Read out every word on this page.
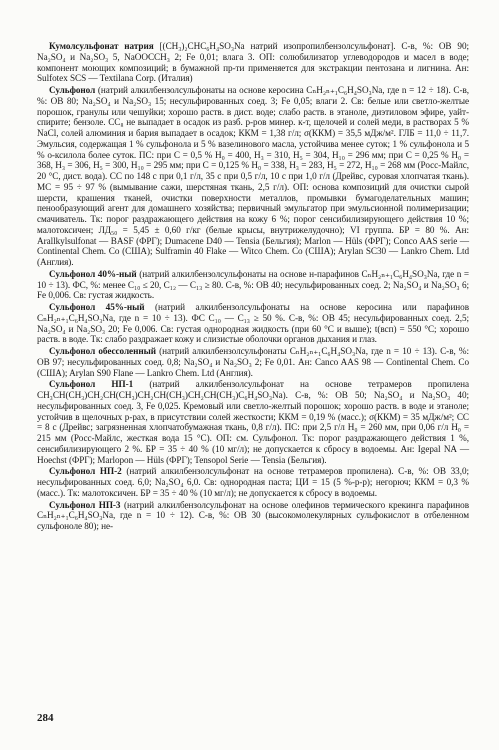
Кумолсульфонат натрия [(CH₃)₂CHC₆H₄SO₃Na натрий изопропилбензолсульфонат]. С-в, %: ОВ 90; Na₂SO₄ и Na₂SO₃ 5, NaOOCCH₃ 2; Fe 0,01; влага 3. ОП: солюбилизатор углеводородов и масел в воде; компонент моющих композиций; в бумажной пр-ти применяется для экстракции пентозана и лигнина. Ан: Sulfotex SCS — Textilana Corp. (Италия)

Сульфонол (натрий алкилбензолсульфонаты на основе керосина CₙH₂ₙ₊₁C₆H₄SO₃Na, где n = 12 ÷ 18). С-в, %: ОВ 80; Na₂SO₄ и Na₂SO₃ 15; несульфированных соед. 3; Fe 0,05; влаги 2. Св: белые или светло-желтые порошок, гранулы или чешуйки; хорошо раств. в дист. воде; слабо раств. в этаноле, диэтиловом эфире, уайт-спирите; бензоле. СС₈ не выпадает в осадок из разб. р-ров минер. к-т, щелочей и солей меди, в растворах 5 % NaCl, солей алюминия и бария выпадает в осадок; ККМ = 1,38 г/л; σ(ККМ) = 35,5 мДж/м². ГЛБ = 11,0 ÷ 11,7. Эмульсия, содержащая 1 % сульфонола и 5 % вазелинового масла, устойчива менее суток; 1 % сульфонола и 5 % о-ксилола более суток. ПС: при C = 0,5 % H₀ = 400, H₃ = 310, H₅ = 304, H₁₀ = 296 мм; при C = 0,25 % H₀ = 368, H₃ = 306, H₅ = 300, H₁₀ = 295 мм; при C = 0,125 % H₀ = 338, H₃ = 283, H₅ = 272, H₁₀ = 268 мм (Росс-Майлс, 20 °C, дист. вода). СС по 148 с при 0,1 г/л, 35 с при 0,5 г/л, 10 с при 1,0 г/л (Дрейвс, суровая хлопчатая ткань). МС = 95 ÷ 97 % (вымывание сажи, шерстяная ткань, 2,5 г/л). ОП: основа композиций для очистки сырой шерсти, крашения тканей, очистки поверхности металлов, промывки бумагоделательных машин; пенообразующий агент для домашнего хозяйства; первичный эмульгатор при эмульсионной полимеризации; смачиватель. Тк: порог раздражающего действия на кожу 6 %; порог сенсибилизирующего действия 10 %; малотоксичен; ЛД₅₀ = 5,45 ± 0,60 г/кг (белые крысы, внутрижелудочно); VI группа. БР = 80 %. Ан: Arallkylsulfonat — BASF (ФРГ); Dumacene D40 — Tensia (Бельгия); Marlon — Hüls (ФРГ); Conco AAS serie — Continental Chem. Co (США); Sulframin 40 Flake — Witco Chem. Co (США); Arylan SC30 — Lankro Chem. Ltd (Англия).

Сульфонол 40%-ный (натрий алкилбензолсульфонаты на основе н-парафинов CₙH₂ₙ₊₁C₆H₄SO₃Na, где n = 10 ÷ 13). ФС, %: менее C₁₀ ≤ 20, C₁₂ — C₁₃ ≥ 80. С-в, %: ОВ 40; несульфированных соед. 2; Na₂SO₄ и Na₂SO₃ 6; Fe 0,006. Св: густая жидкость.

Сульфонол 45%-ный (натрий алкилбензолсульфонаты на основе керосина или парафинов CₙH₂ₙ₊₁C₆H₄SO₃Na, где n = 10 ÷ 13). ФС C₁₀ — C₁₃ ≥ 50 %. С-в, %: ОВ 45; несульфированных соед. 2,5; Na₂SO₄ и Na₂SO₃ 20; Fe 0,006. Св: густая однородная жидкость (при 60 °C и выше); t(всп) = 550 °C; хорошо раств. в воде. Тк: слабо раздражает кожу и слизистые оболочки органов дыхания и глаз.

Сульфонол обессоленный (натрий алкилбензолсульфонаты CₙH₂ₙ₊₁C₆H₄SO₃Na, где n = 10 ÷ 13). С-в, %: ОВ 97; несульфированных соед. 0,8; Na₂SO₄ и Na₂SO₃ 2; Fe 0,01. Ан: Canco AAS 98 — Continental Chem. Co (США); Arylan S90 Flane — Lankro Chem. Ltd (Англия).

Сульфонол НП-1 (натрий алкилбензолсульфонат на основе тетрамеров пропилена CH₃CH(CH₃)CH₂CH(CH₃)CH₂CH(CH₃)CH₂CH(CH₃)C₆H₄SO₃Na). С-в, %: ОВ 50; Na₂SO₄ и Na₂SO₃ 40; несульфированных соед. 3, Fe 0,025. Кремовый или светло-желтый порошок; хорошо раств. в воде и этаноле; устойчив в щелочных р-рах, в присутствии солей жесткости; ККМ = 0,19 % (масс.); σ(ККМ) = 35 мДж/м²; СС = 8 с (Дрейвс; загрязненная хлопчатобумажная ткань, 0,8 г/л). ПС: при 2,5 г/л H₀ = 260 мм, при 0,06 г/л H₀ = 215 мм (Росс-Майлс, жесткая вода 15 °C). ОП: см. Сульфонол. Тк: порог раздражающего действия 1 %, сенсибилизирующего 2 %. БР = 35 ÷ 40 % (10 мг/л); не допускается к сбросу в водоемы. Ан: Igepal NA — Hoechst (ФРГ); Marlopon — Hüls (ФРГ); Tensopol Serie — Tensia (Бельгия).

Сульфонол НП-2 (натрий алкилбензолсульфонат на основе тетрамеров пропилена). С-в, %: ОВ 33,0; несульфированных соед. 6,0; Na₂SO₄ 6,0. Св: однородная паста; ЦИ = 15 (5 %-р-р); негорюч; ККМ = 0,3 % (масс.). Тк: малотоксичен. БР = 35 ÷ 40 % (10 мг/л); не допускается к сбросу в водоемы.

Сульфонол НП-3 (натрий алкилбензолсульфонат на основе олефинов термического крекинга парафинов CₙH₂ₙ₊₁C₆H₄SO₃Na, где n = 10 ÷ 12). С-в, %: ОВ 30 (высокомолекулярных сульфокислот в отбеленном сульфоноле 80); не-

284
